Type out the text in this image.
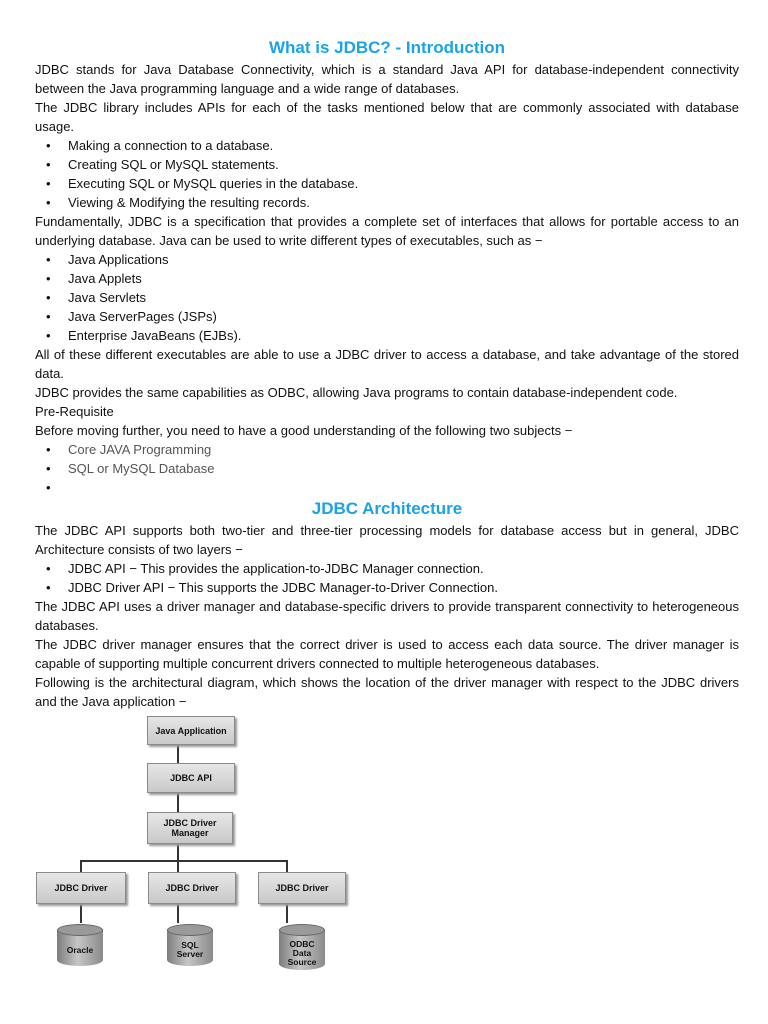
What is JDBC? - Introduction

JDBC stands for Java Database Connectivity, which is a standard Java API for database-independent connectivity between the Java programming language and a wide range of databases.

The JDBC library includes APIs for each of the tasks mentioned below that are commonly associated with database usage.

• Making a connection to a database.
• Creating SQL or MySQL statements.
• Executing SQL or MySQL queries in the database.
• Viewing & Modifying the resulting records.

Fundamentally, JDBC is a specification that provides a complete set of interfaces that allows for portable access to an underlying database. Java can be used to write different types of executables, such as −

• Java Applications
• Java Applets
• Java Servlets
• Java ServerPages (JSPs)
• Enterprise JavaBeans (EJBs).

All of these different executables are able to use a JDBC driver to access a database, and take advantage of the stored data.

JDBC provides the same capabilities as ODBC, allowing Java programs to contain database-independent code.

Pre-Requisite

Before moving further, you need to have a good understanding of the following two subjects −

• Core JAVA Programming
• SQL or MySQL Database
•
JDBC Architecture

The JDBC API supports both two-tier and three-tier processing models for database access but in general, JDBC Architecture consists of two layers −

• JDBC API − This provides the application-to-JDBC Manager connection.
• JDBC Driver API − This supports the JDBC Manager-to-Driver Connection.

The JDBC API uses a driver manager and database-specific drivers to provide transparent connectivity to heterogeneous databases.

The JDBC driver manager ensures that the correct driver is used to access each data source. The driver manager is capable of supporting multiple concurrent drivers connected to multiple heterogeneous databases.

Following is the architectural diagram, which shows the location of the driver manager with respect to the JDBC drivers and the Java application −

Java Application
JDBC API
JDBC Driver Manager
JDBC Driver	JDBC Driver	JDBC Driver
Oracle	SQL Server
ODBC Data Source
